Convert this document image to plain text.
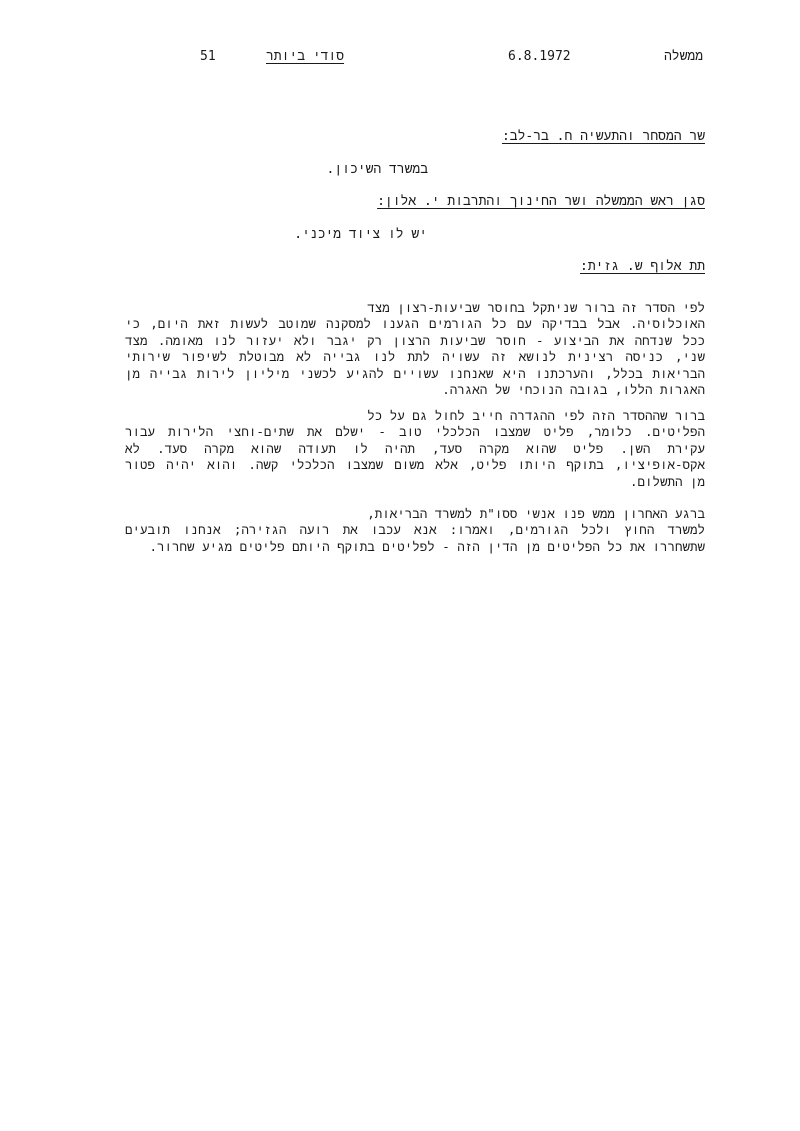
51	סודי ביותר	6.8.1972	ממשלה
שר המסחר והתעשיה ח. בר-לב:
במשרד השיכון.
סגן ראש הממשלה ושר החינוך והתרבות י. אלון:
יש לו ציוד מיכני.
תת אלוף ש. גזית:
לפי הסדר זה ברור שניתקל בחוסר שביעות-רצון מצד
האוכלוסיה. אבל בבדיקה עם כל הגורמים הגענו למסקנה שמוטב לעשות זאת היום, כי
ככל שנדחה את הביצוע - חוסר שביעות הרצון רק יגבר ולא יעזור לנו מאומה. מצד
שני, כניסה רצינית לנושא זה עשויה לתת לנו גבייה לא מבוטלת לשיפור שירותי
הבריאות בכלל, והערכתנו היא שאנחנו עשויים להגיע לכשני מיליון לירות גבייה מן
האגרות הללו, בגובה הנוכחי של האגרה.
ברור שההסדר הזה לפי ההגדרה חייב לחול גם על כל
הפליטים. כלומר, פליט שמצבו הכלכלי טוב - ישלם את שתים-וחצי הלירות עבור
עקירת השן. פליט שהוא מקרה סעד, תהיה לו תעודה שהוא מקרה סעד. לא
אקס-אופיציו, בתוקף היותו פליט, אלא משום שמצבו הכלכלי קשה. והוא יהיה פטור
מן התשלום.
ברגע האחרון ממש פנו אנשי ססו"ת למשרד הבריאות,
למשרד החוץ ולכל הגורמים, ואמרו: אנא עכבו את רועה הגזירה; אנחנו תובעים
שתשחררו את כל הפליטים מן הדין הזה - לפליטים בתוקף היותם פליטים מגיע שחרור.
